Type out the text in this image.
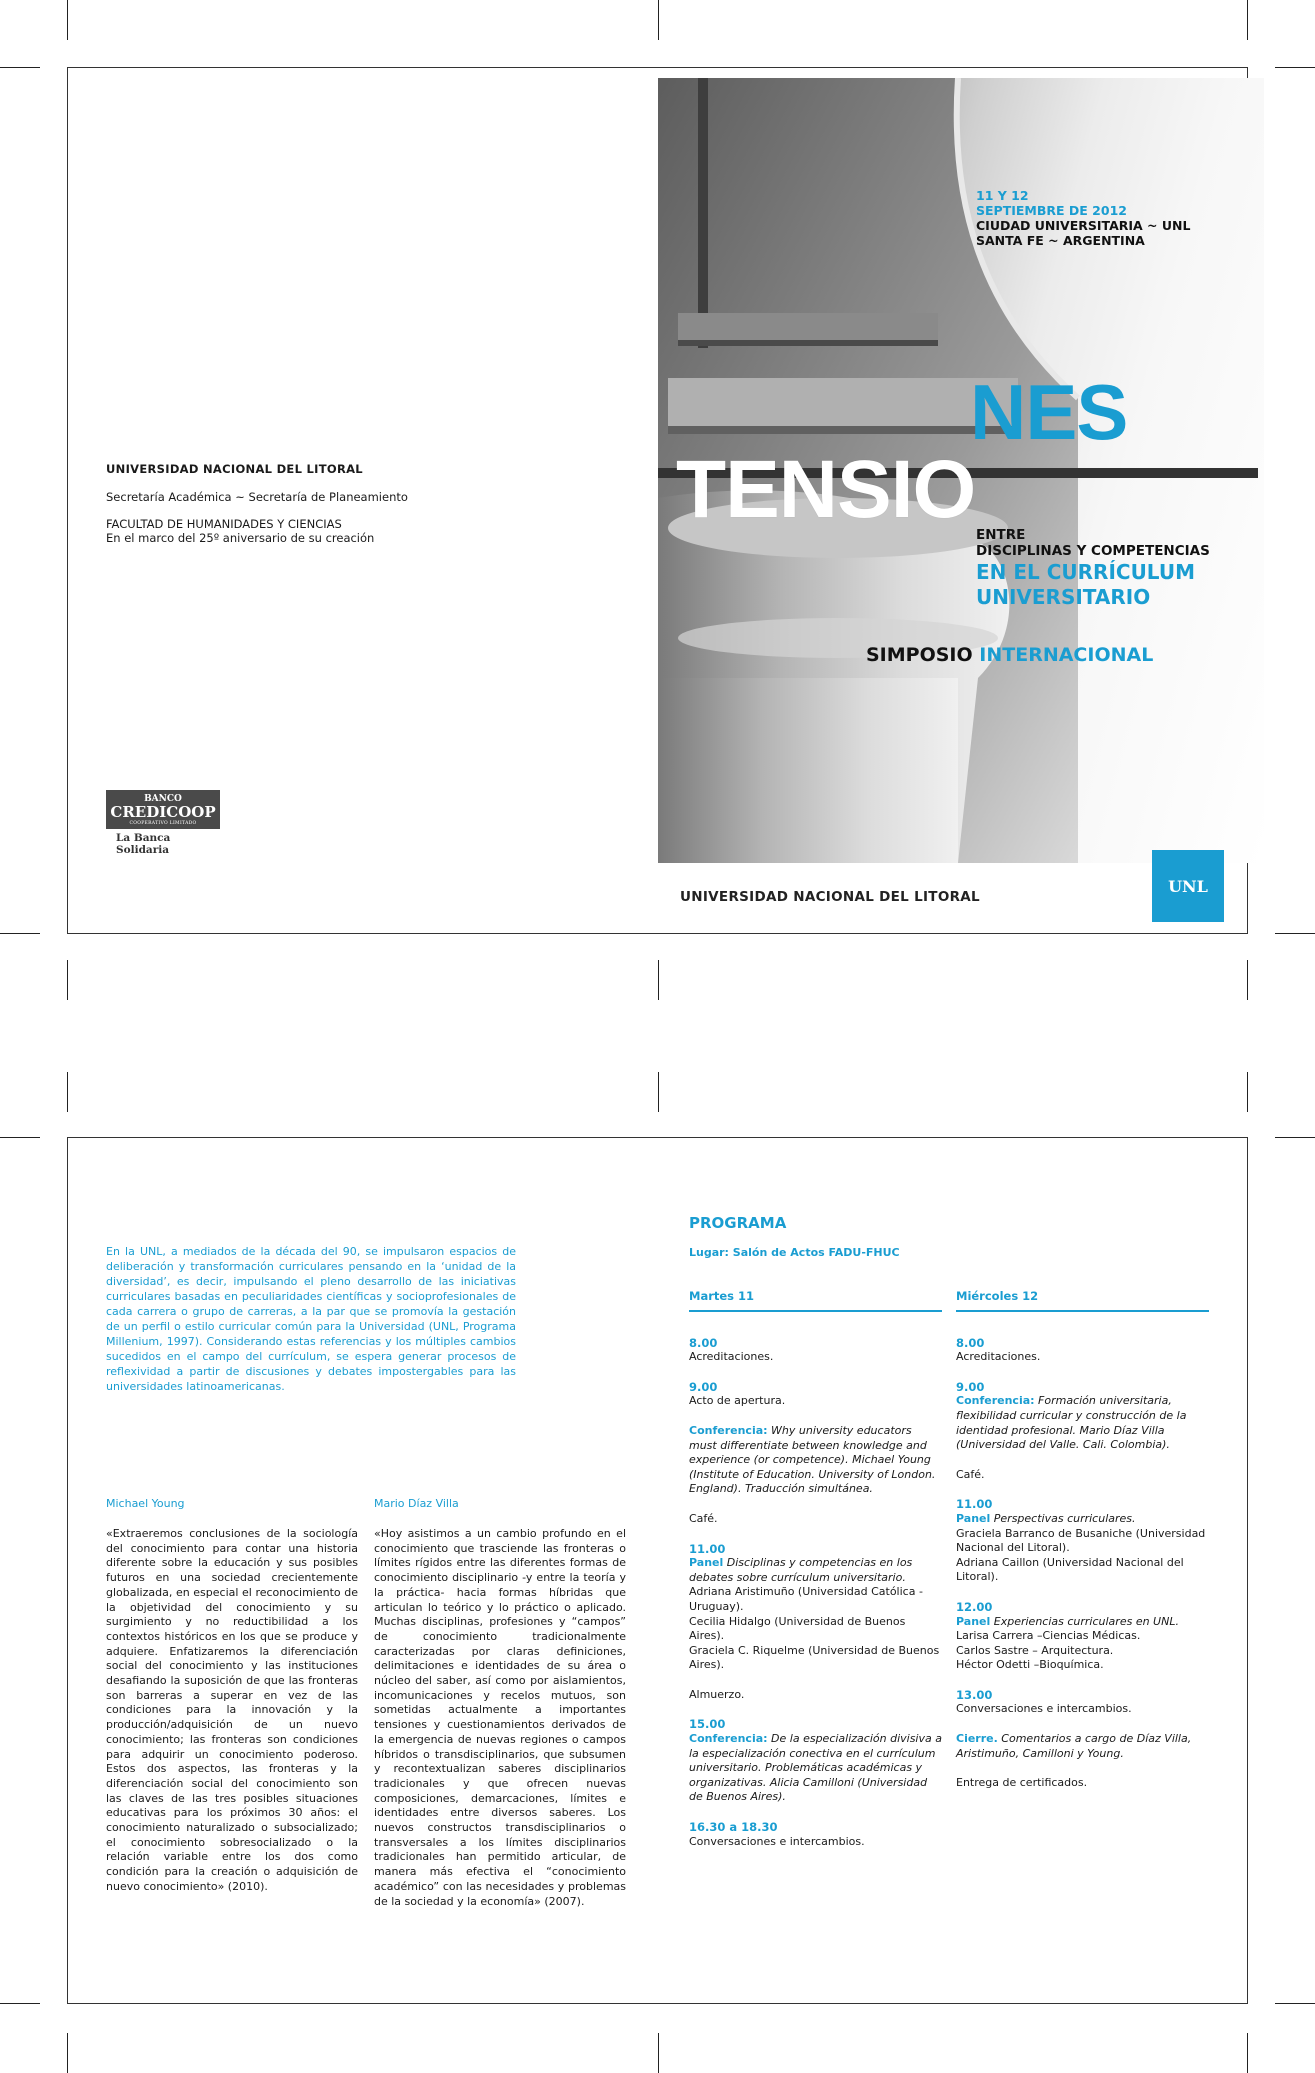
UNIVERSIDAD NACIONAL DEL LITORAL
Secretaría Académica ~ Secretaría de Planeamiento
FACULTAD DE HUMANIDADES Y CIENCIAS
En el marco del 25º aniversario de su creación
BANCO
CREDICOOP
COOPERATIVO LIMITADO
La Banca Solidaria
11 Y 12
SEPTIEMBRE DE 2012
CIUDAD UNIVERSITARIA ~ UNL
SANTA FE ~ ARGENTINA
NES
TENSIO ENTRE
DISCIPLINAS Y COMPETENCIAS
EN EL CURRÍCULUM
UNIVERSITARIO
SIMPOSIO INTERNACIONAL
UNIVERSIDAD NACIONAL DEL LITORAL
UNL
En la UNL, a mediados de la década del 90, se impulsaron espacios de deliberación y transformación curriculares pensando en la ‘unidad de la diversidad’, es decir, impulsando el pleno desarrollo de las iniciativas curriculares basadas en peculiaridades científicas y socioprofesionales de cada carrera o grupo de carreras, a la par que se promovía la gestación de un perfil o estilo curricular común para la Universidad (UNL, Programa Millenium, 1997). Considerando estas referencias y los múltiples cambios sucedidos en el campo del currículum, se espera generar procesos de reflexividad a partir de discusiones y debates impostergables para las universidades latinoamericanas.
Michael Young
«Extraeremos conclusiones de la sociología del conocimiento para contar una historia diferente sobre la educación y sus posibles futuros en una sociedad crecientemente globalizada, en especial el reconocimiento de la objetividad del conocimiento y su surgimiento y no reductibilidad a los contextos históricos en los que se produce y adquiere. Enfatizaremos la diferenciación social del conocimiento y las instituciones desafiando la suposición de que las fronteras son barreras a superar en vez de las condiciones para la innovación y la producción/adquisición de un nuevo conocimiento; las fronteras son condiciones para adquirir un conocimiento poderoso. Estos dos aspectos, las fronteras y la diferenciación social del conocimiento son las claves de las tres posibles situaciones educativas para los próximos 30 años: el conocimiento naturalizado o subsocializado; el conocimiento sobresocializado o la relación variable entre los dos como condición para la creación o adquisición de nuevo conocimiento» (2010).
Mario Díaz Villa
«Hoy asistimos a un cambio profundo en el conocimiento que trasciende las fronteras o límites rígidos entre las diferentes formas de conocimiento disciplinario -y entre la teoría y la práctica- hacia formas híbridas que articulan lo teórico y lo práctico o aplicado. Muchas disciplinas, profesiones y “campos” de conocimiento tradicionalmente caracterizadas por claras definiciones, delimitaciones e identidades de su área o núcleo del saber, así como por aislamientos, incomunicaciones y recelos mutuos, son sometidas actualmente a importantes tensiones y cuestionamientos derivados de la emergencia de nuevas regiones o campos híbridos o transdisciplinarios, que subsumen y recontextualizan saberes disciplinarios tradicionales y que ofrecen nuevas composiciones, demarcaciones, límites e identidades entre diversos saberes. Los nuevos constructos transdisciplinarios o transversales a los límites disciplinarios tradicionales han permitido articular, de manera más efectiva el “conocimiento académico” con las necesidades y problemas de la sociedad y la economía» (2007).
PROGRAMA
Lugar: Salón de Actos FADU-FHUC
Martes 11
8.00
Acreditaciones.
9.00
Acto de apertura.
Conferencia: Why university educators must differentiate between knowledge and experience (or competence). Michael Young (Institute of Education. University of London. England). Traducción simultánea.
Café.
11.00
Panel Disciplinas y competencias en los debates sobre currículum universitario.
Adriana Aristimuño (Universidad Católica - Uruguay).
Cecilia Hidalgo (Universidad de Buenos Aires).
Graciela C. Riquelme (Universidad de Buenos Aires).
Almuerzo.
15.00
Conferencia: De la especialización divisiva a la especialización conectiva en el currículum universitario. Problemáticas académicas y organizativas. Alicia Camilloni (Universidad de Buenos Aires).
16.30 a 18.30
Conversaciones e intercambios.
Miércoles 12
8.00
Acreditaciones.
9.00
Conferencia: Formación universitaria, flexibilidad curricular y construcción de la identidad profesional. Mario Díaz Villa (Universidad del Valle. Cali. Colombia).
Café.
11.00
Panel Perspectivas curriculares.
Graciela Barranco de Busaniche (Universidad Nacional del Litoral).
Adriana Caillon (Universidad Nacional del Litoral).
12.00
Panel Experiencias curriculares en UNL.
Larisa Carrera –Ciencias Médicas.
Carlos Sastre – Arquitectura.
Héctor Odetti –Bioquímica.
13.00
Conversaciones e intercambios.
Cierre. Comentarios a cargo de Díaz Villa, Aristimuño, Camilloni y Young.
Entrega de certificados.
